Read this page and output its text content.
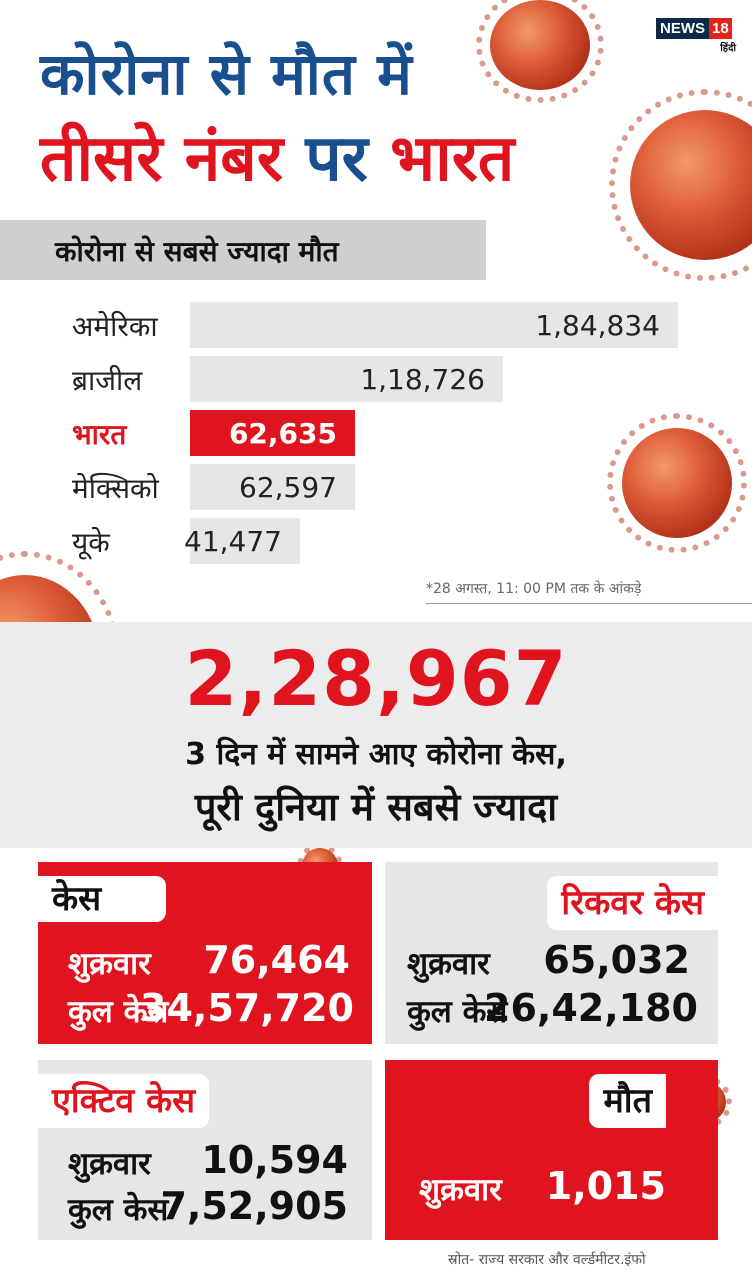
NEWS 18
हिंदी
कोरोना से मौत में
तीसरे नंबर पर भारत
कोरोना से सबसे ज्यादा मौत
अमेरिका	1,84,834
ब्राजील	1,18,726
भारत	62,635
मेक्सिको	62,597
यूके	41,477
*28 अगस्त, 11: 00 PM तक के आंकड़े
2,28,967
3 दिन में सामने आए कोरोना केस,
पूरी दुनिया में सबसे ज्यादा
केस
शुक्रवार 76,464
कुल केस
34,57,720
रिकवर केस
शुक्रवार 65,032
कुल केस
26,42,180
एक्टिव केस
शुक्रवार 10,594
कुल केस
7,52,905
मौत
शुक्रवार 1,015
स्रोत- राज्य सरकार और वर्ल्डमीटर.इंफो
